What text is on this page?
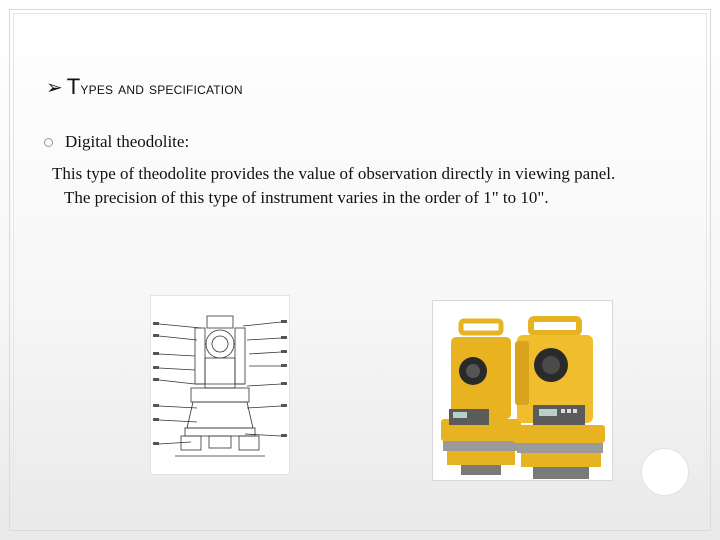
➢ Types and specification
Digital theodolite:
This type of theodolite provides the value of observation directly in viewing panel. The precision of this type of instrument varies in the order of 1" to 10".
